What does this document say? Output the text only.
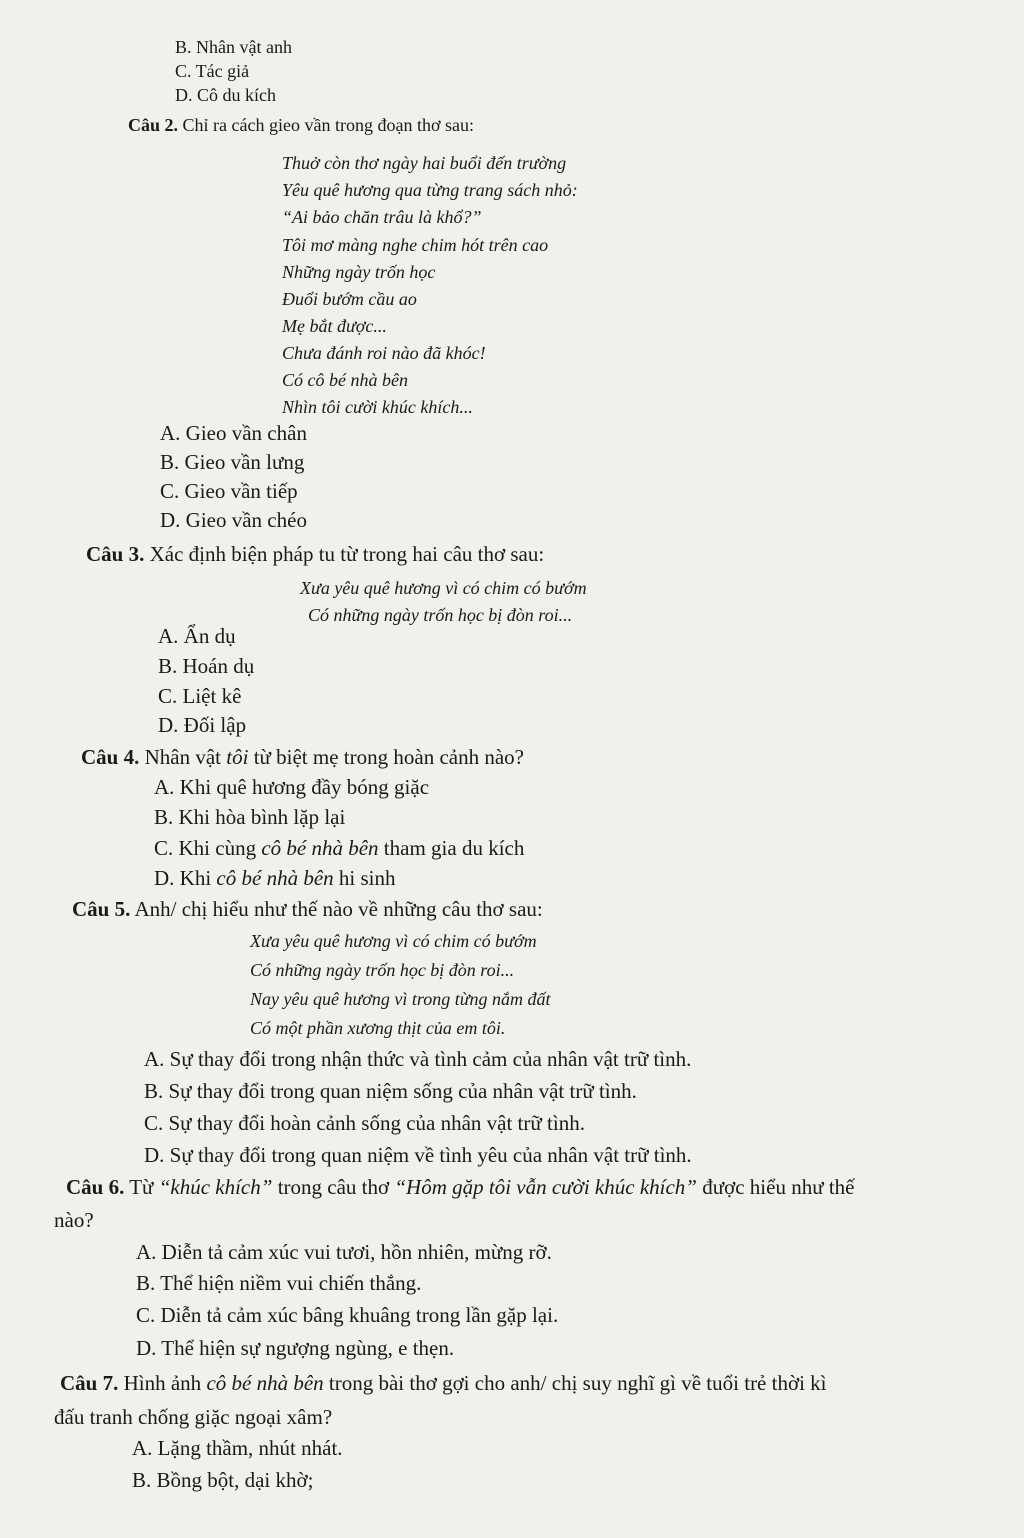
B. Nhân vật anh
C. Tác giả
D. Cô du kích
Câu 2. Chỉ ra cách gieo vần trong đoạn thơ sau:
Thuở còn thơ ngày hai buổi đến trường
Yêu quê hương qua từng trang sách nhỏ:
“Ai bảo chăn trâu là khổ?”
Tôi mơ màng nghe chim hót trên cao
Những ngày trốn học
Đuổi bướm cầu ao
Mẹ bắt được...
Chưa đánh roi nào đã khóc!
Có cô bé nhà bên
Nhìn tôi cười khúc khích...
A. Gieo vần chân
B. Gieo vần lưng
C. Gieo vần tiếp
D. Gieo vần chéo
Câu 3. Xác định biện pháp tu từ trong hai câu thơ sau:
Xưa yêu quê hương vì có chim có bướm
Có những ngày trốn học bị đòn roi...
A. Ẩn dụ
B. Hoán dụ
C. Liệt kê
D. Đối lập
Câu 4. Nhân vật tôi từ biệt mẹ trong hoàn cảnh nào?
A. Khi quê hương đầy bóng giặc
B. Khi hòa bình lặp lại
C. Khi cùng cô bé nhà bên tham gia du kích
D. Khi cô bé nhà bên hi sinh
Câu 5. Anh/ chị hiểu như thế nào về những câu thơ sau:
Xưa yêu quê hương vì có chim có bướm
Có những ngày trốn học bị đòn roi...
Nay yêu quê hương vì trong từng nắm đất
Có một phần xương thịt của em tôi.
A. Sự thay đổi trong nhận thức và tình cảm của nhân vật trữ tình.
B. Sự thay đổi trong quan niệm sống của nhân vật trữ tình.
C. Sự thay đổi hoàn cảnh sống của nhân vật trữ tình.
D. Sự thay đổi trong quan niệm về tình yêu của nhân vật trữ tình.
Câu 6. Từ “khúc khích” trong câu thơ “Hôm gặp tôi vẫn cười khúc khích” được hiểu như thế
nào?
A. Diễn tả cảm xúc vui tươi, hồn nhiên, mừng rỡ.
B. Thể hiện niềm vui chiến thắng.
C. Diễn tả cảm xúc bâng khuâng trong lần gặp lại.
D. Thể hiện sự ngượng ngùng, e thẹn.
Câu 7. Hình ảnh cô bé nhà bên trong bài thơ gợi cho anh/ chị suy nghĩ gì về tuổi trẻ thời kì
đấu tranh chống giặc ngoại xâm?
A. Lặng thầm, nhút nhát.
B. Bồng bột, dại khờ;
